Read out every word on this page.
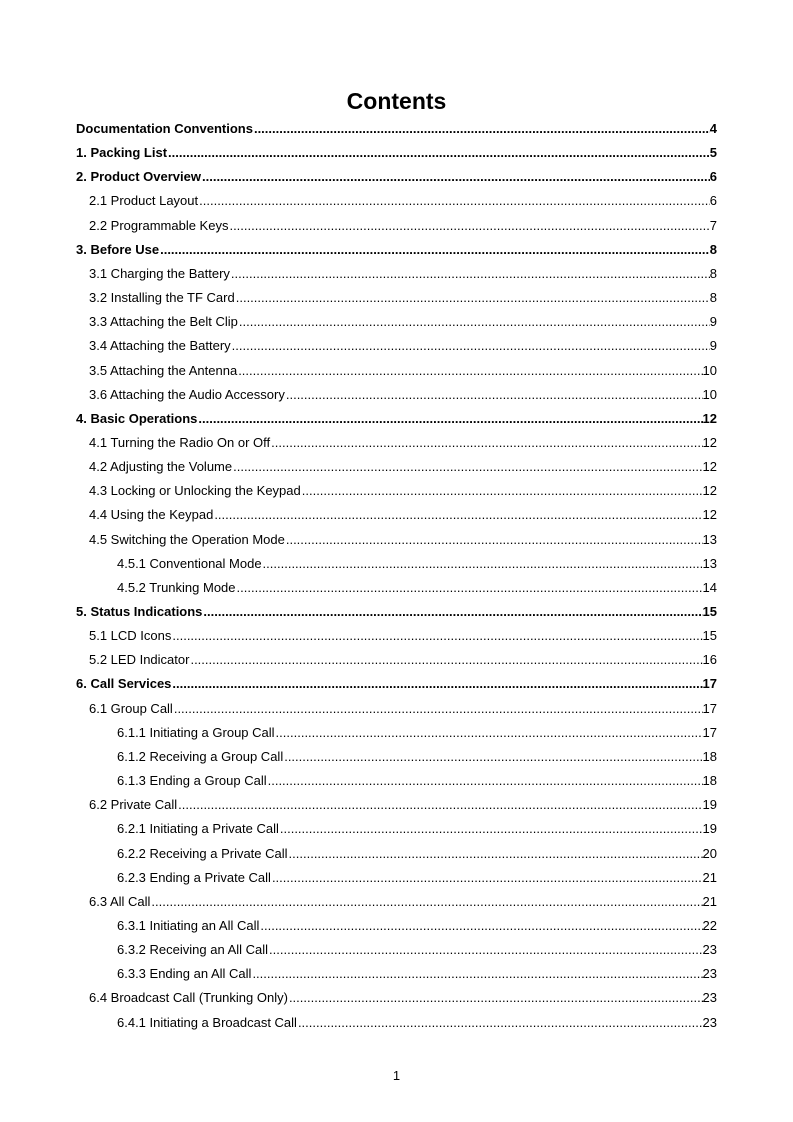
Contents
Documentation Conventions .....	4
1. Packing List .....	5
2. Product Overview .....	6
2.1 Product Layout .....	6
2.2 Programmable Keys .....	7
3. Before Use .....	8
3.1 Charging the Battery .....	8
3.2 Installing the TF Card .....	8
3.3 Attaching the Belt Clip .....	9
3.4 Attaching the Battery .....	9
3.5 Attaching the Antenna .....	10
3.6 Attaching the Audio Accessory .....	10
4. Basic Operations .....	12
4.1 Turning the Radio On or Off .....	12
4.2 Adjusting the Volume .....	12
4.3 Locking or Unlocking the Keypad .....	12
4.4 Using the Keypad .....	12
4.5 Switching the Operation Mode .....	13
4.5.1 Conventional Mode .....	13
4.5.2 Trunking Mode .....	14
5. Status Indications .....	15
5.1 LCD Icons .....	15
5.2 LED Indicator .....	16
6. Call Services .....	17
6.1 Group Call .....	17
6.1.1 Initiating a Group Call .....	17
6.1.2 Receiving a Group Call .....	18
6.1.3 Ending a Group Call .....	18
6.2 Private Call .....	19
6.2.1 Initiating a Private Call .....	19
6.2.2 Receiving a Private Call .....	20
6.2.3 Ending a Private Call .....	21
6.3 All Call .....	21
6.3.1 Initiating an All Call .....	22
6.3.2 Receiving an All Call .....	23
6.3.3 Ending an All Call .....	23
6.4 Broadcast Call (Trunking Only) .....	23
6.4.1 Initiating a Broadcast Call .....	23
1
